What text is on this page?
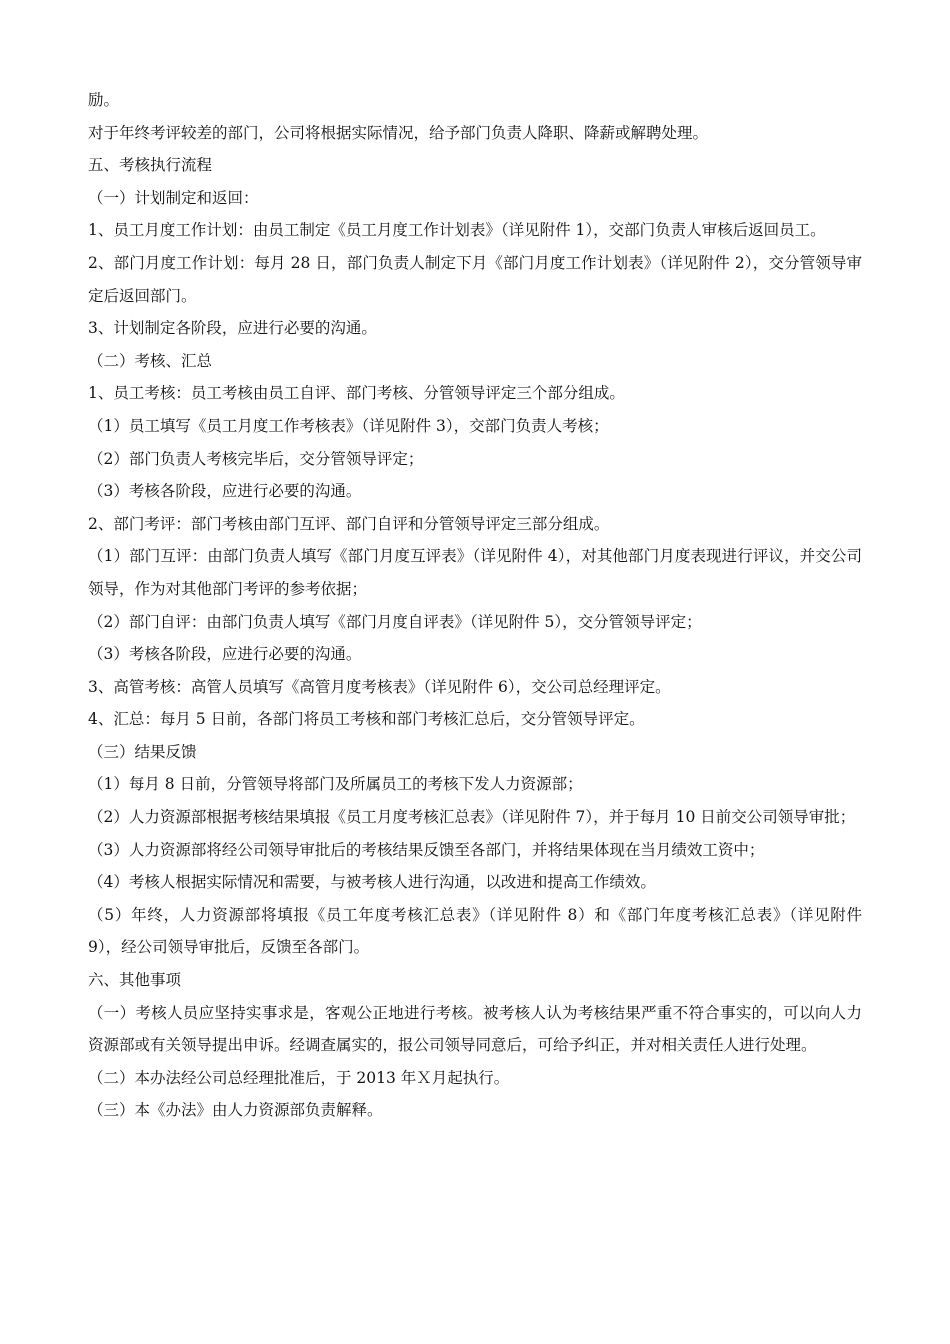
励。

对于年终考评较差的部门，公司将根据实际情况，给予部门负责人降职、降薪或解聘处理。

五、考核执行流程

（一）计划制定和返回：

1、员工月度工作计划：由员工制定《员工月度工作计划表》（详见附件 1），交部门负责人审核后返回员工。

2、部门月度工作计划：每月 28 日，部门负责人制定下月《部门月度工作计划表》（详见附件 2），交分管领导审定后返回部门。

3、计划制定各阶段，应进行必要的沟通。

（二）考核、汇总

1、员工考核：员工考核由员工自评、部门考核、分管领导评定三个部分组成。

（1）员工填写《员工月度工作考核表》（详见附件 3），交部门负责人考核；

（2）部门负责人考核完毕后，交分管领导评定；

（3）考核各阶段，应进行必要的沟通。

2、部门考评：部门考核由部门互评、部门自评和分管领导评定三部分组成。

（1）部门互评：由部门负责人填写《部门月度互评表》（详见附件 4），对其他部门月度表现进行评议，并交公司领导，作为对其他部门考评的参考依据；

（2）部门自评：由部门负责人填写《部门月度自评表》（详见附件 5），交分管领导评定；

（3）考核各阶段，应进行必要的沟通。

3、高管考核：高管人员填写《高管月度考核表》（详见附件 6），交公司总经理评定。

4、汇总：每月 5 日前，各部门将员工考核和部门考核汇总后，交分管领导评定。

（三）结果反馈

（1）每月 8 日前，分管领导将部门及所属员工的考核下发人力资源部；

（2）人力资源部根据考核结果填报《员工月度考核汇总表》（详见附件 7），并于每月 10 日前交公司领导审批；

（3）人力资源部将经公司领导审批后的考核结果反馈至各部门，并将结果体现在当月绩效工资中；

（4）考核人根据实际情况和需要，与被考核人进行沟通，以改进和提高工作绩效。

（5）年终，人力资源部将填报《员工年度考核汇总表》（详见附件 8）和《部门年度考核汇总表》（详见附件 9），经公司领导审批后，反馈至各部门。

六、其他事项

（一）考核人员应坚持实事求是，客观公正地进行考核。被考核人认为考核结果严重不符合事实的，可以向人力资源部或有关领导提出申诉。经调查属实的，报公司领导同意后，可给予纠正，并对相关责任人进行处理。

（二）本办法经公司总经理批准后，于 2013 年Ｘ月起执行。

（三）本《办法》由人力资源部负责解释。
